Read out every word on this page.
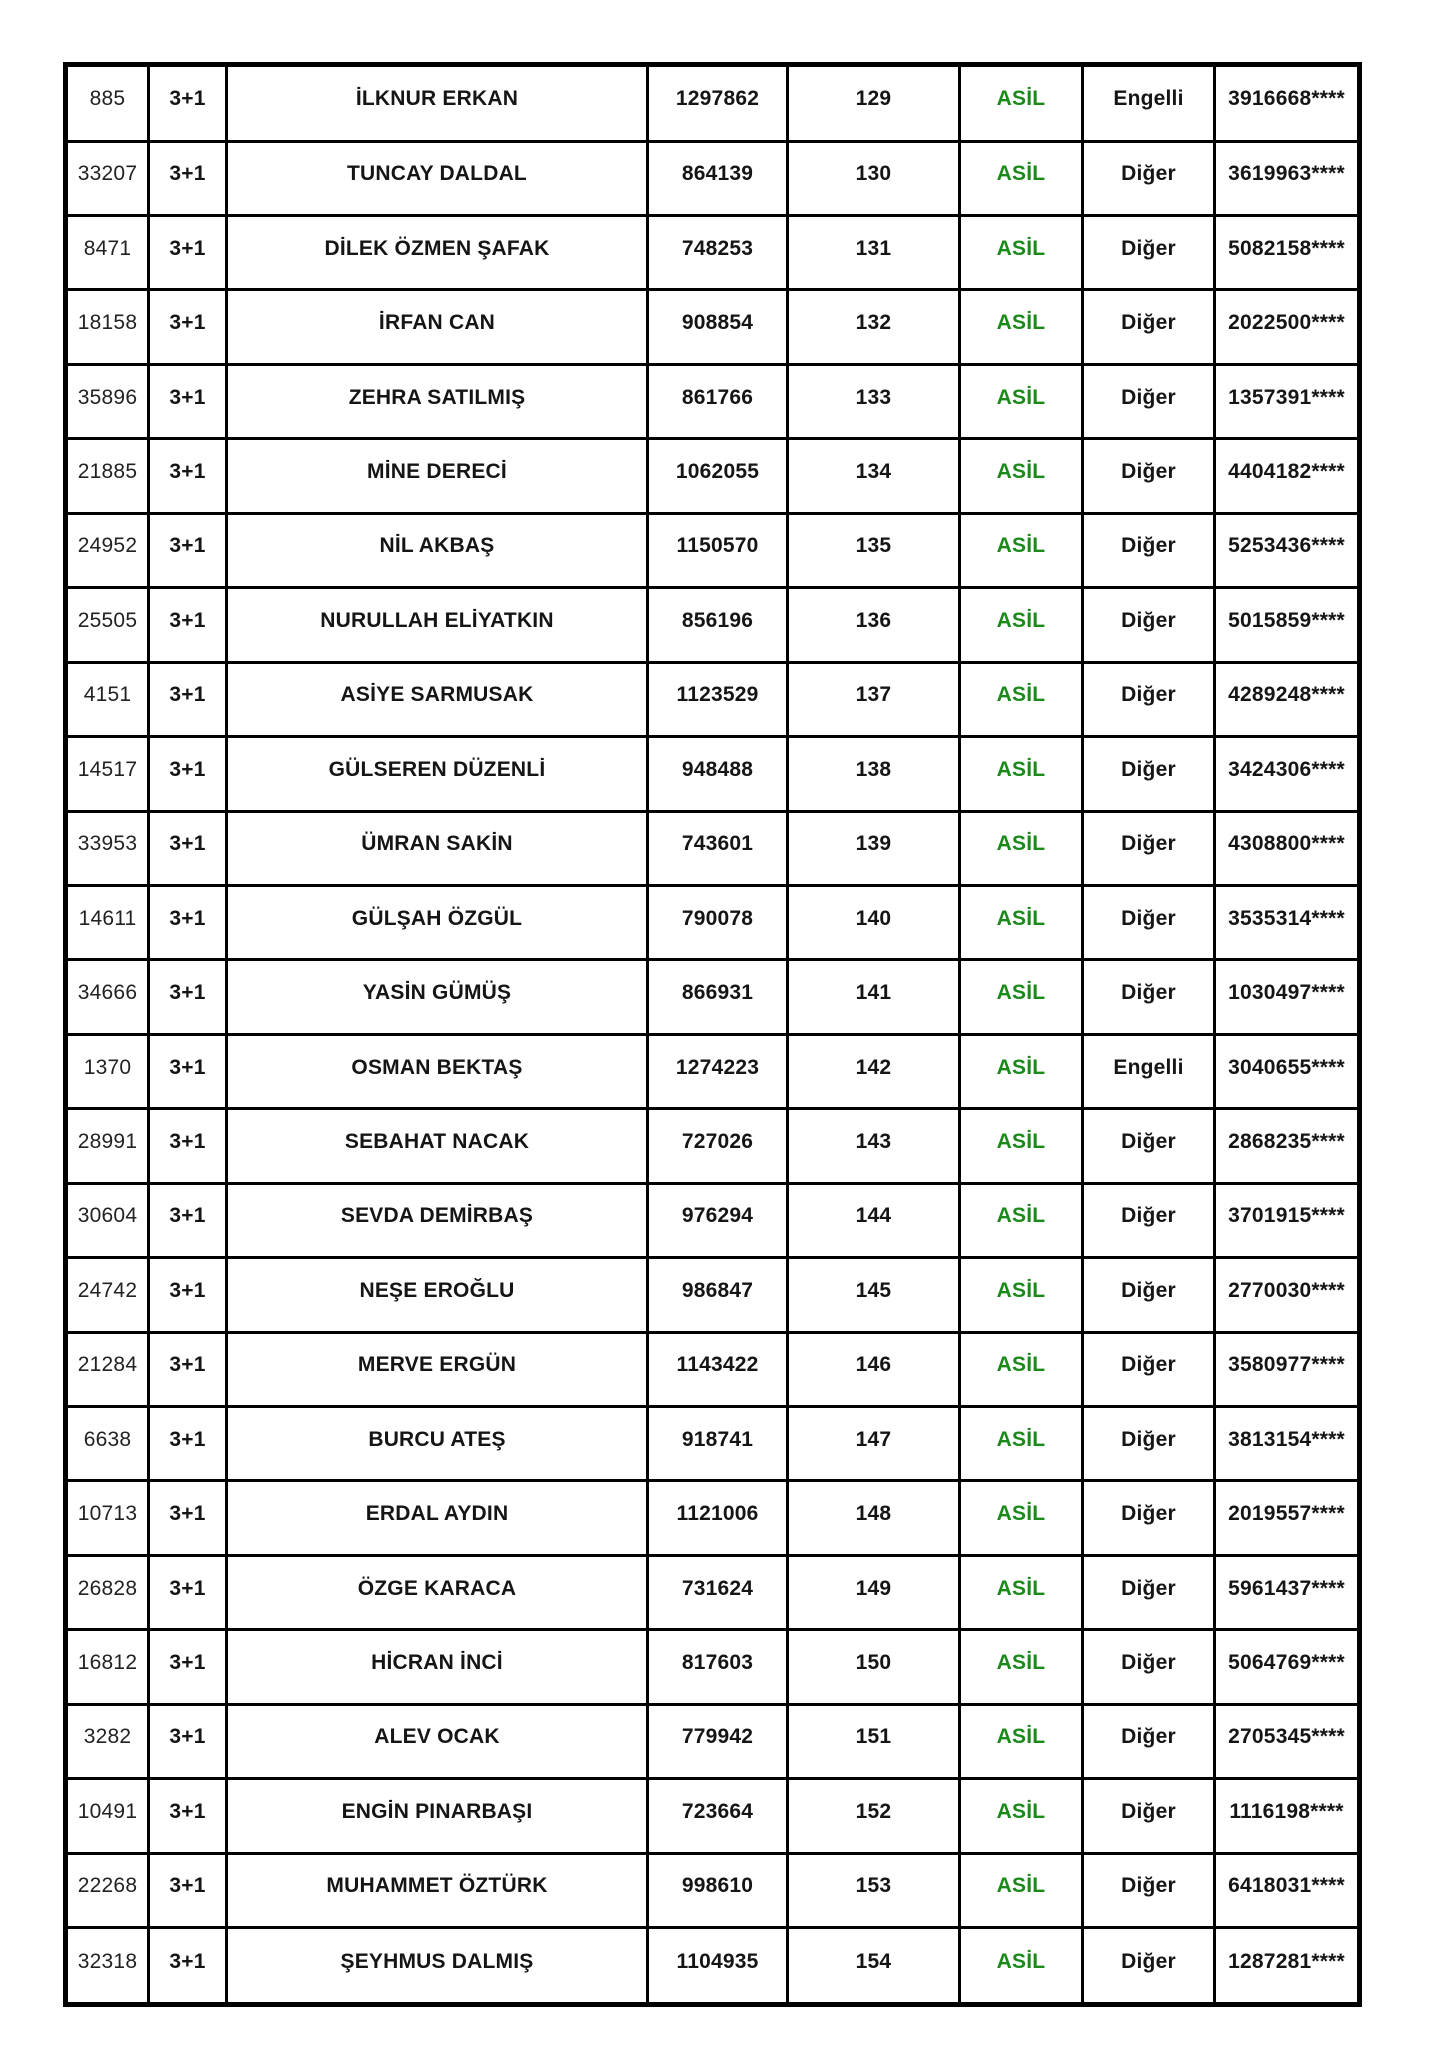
885	3+1	İLKNUR ERKAN	1297862	129	ASİL	Engelli	3916668****
33207	3+1	TUNCAY DALDAL	864139	130	ASİL	Diğer	3619963****
8471	3+1	DİLEK ÖZMEN ŞAFAK	748253	131	ASİL	Diğer	5082158****
18158	3+1	İRFAN CAN	908854	132	ASİL	Diğer	2022500****
35896	3+1	ZEHRA SATILMIŞ	861766	133	ASİL	Diğer	1357391****
21885	3+1	MİNE DERECİ	1062055	134	ASİL	Diğer	4404182****
24952	3+1	NİL AKBAŞ	1150570	135	ASİL	Diğer	5253436****
25505	3+1	NURULLAH ELİYATKIN	856196	136	ASİL	Diğer	5015859****
4151	3+1	ASİYE SARMUSAK	1123529	137	ASİL	Diğer	4289248****
14517	3+1	GÜLSEREN DÜZENLİ	948488	138	ASİL	Diğer	3424306****
33953	3+1	ÜMRAN SAKİN	743601	139	ASİL	Diğer	4308800****
14611	3+1	GÜLŞAH ÖZGÜL	790078	140	ASİL	Diğer	3535314****
34666	3+1	YASİN GÜMÜŞ	866931	141	ASİL	Diğer	1030497****
1370	3+1	OSMAN BEKTAŞ	1274223	142	ASİL	Engelli	3040655****
28991	3+1	SEBAHAT NACAK	727026	143	ASİL	Diğer	2868235****
30604	3+1	SEVDA DEMİRBAŞ	976294	144	ASİL	Diğer	3701915****
24742	3+1	NEŞE EROĞLU	986847	145	ASİL	Diğer	2770030****
21284	3+1	MERVE ERGÜN	1143422	146	ASİL	Diğer	3580977****
6638	3+1	BURCU ATEŞ	918741	147	ASİL	Diğer	3813154****
10713	3+1	ERDAL AYDIN	1121006	148	ASİL	Diğer	2019557****
26828	3+1	ÖZGE KARACA	731624	149	ASİL	Diğer	5961437****
16812	3+1	HİCRAN İNCİ	817603	150	ASİL	Diğer	5064769****
3282	3+1	ALEV OCAK	779942	151	ASİL	Diğer	2705345****
10491	3+1	ENGİN PINARBAŞI	723664	152	ASİL	Diğer	1116198****
22268	3+1	MUHAMMET ÖZTÜRK	998610	153	ASİL	Diğer	6418031****
32318	3+1	ŞEYHMUS DALMIŞ	1104935	154	ASİL	Diğer	1287281****
